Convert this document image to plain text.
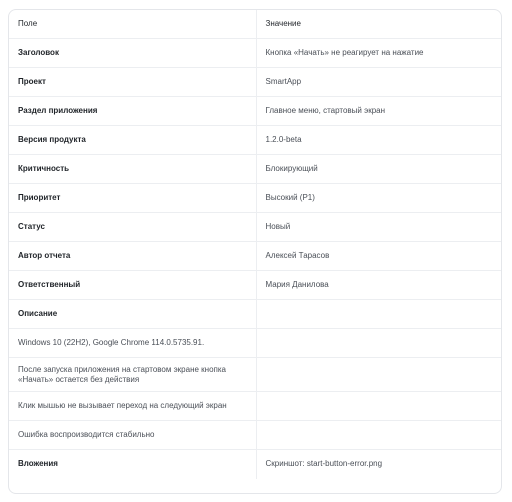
Поле	Значение
Заголовок	Кнопка «Начать» не реагирует на нажатие
Проект	SmartApp
Раздел приложения	Главное меню, стартовый экран
Версия продукта	1.2.0-beta
Критичность	Блокирующий
Приоритет	Высокий (P1)
Статус	Новый
Автор отчета	Алексей Тарасов
Ответственный	Мария Данилова
Описание	
Windows 10 (22H2), Google Chrome 114.0.5735.91.	
После запуска приложения на стартовом экране кнопка «Начать» остается без действия	
Клик мышью не вызывает переход на следующий экран	
Ошибка воспроизводится стабильно	
Вложения	Скриншот: start-button-error.png
